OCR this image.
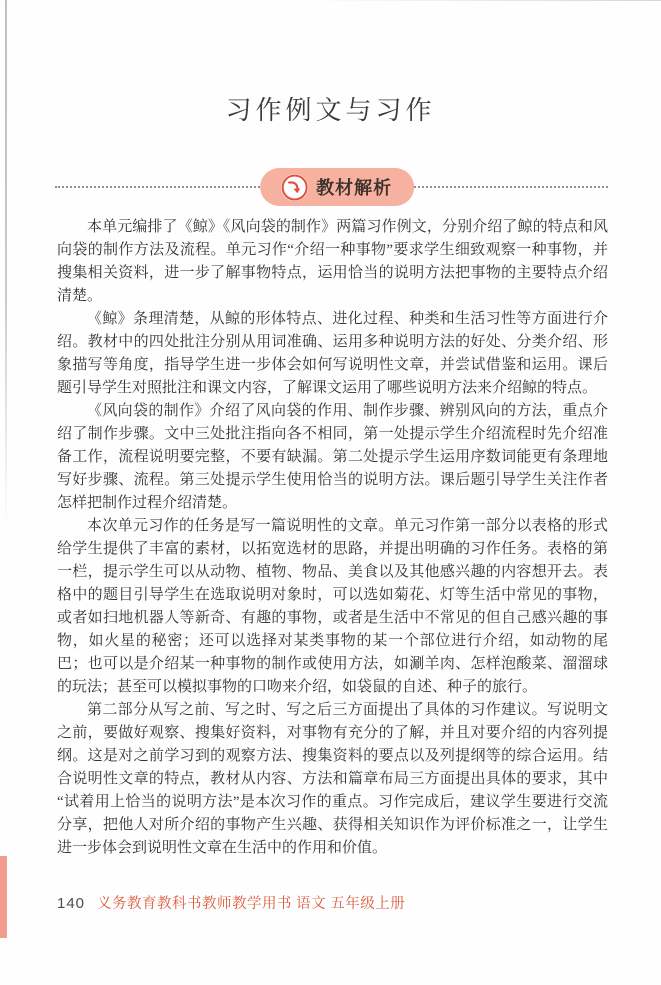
习作例文与习作
教材解析

本单元编排了《鲸》《风向袋的制作》两篇习作例文，分别介绍了鲸的特点和风向袋的制作方法及流程。单元习作“介绍一种事物”要求学生细致观察一种事物，并搜集相关资料，进一步了解事物特点，运用恰当的说明方法把事物的主要特点介绍清楚。

《鲸》条理清楚，从鲸的形体特点、进化过程、种类和生活习性等方面进行介绍。教材中的四处批注分别从用词准确、运用多种说明方法的好处、分类介绍、形象描写等角度，指导学生进一步体会如何写说明性文章，并尝试借鉴和运用。课后题引导学生对照批注和课文内容，了解课文运用了哪些说明方法来介绍鲸的特点。

《风向袋的制作》介绍了风向袋的作用、制作步骤、辨别风向的方法，重点介绍了制作步骤。文中三处批注指向各不相同，第一处提示学生介绍流程时先介绍准备工作，流程说明要完整，不要有缺漏。第二处提示学生运用序数词能更有条理地写好步骤、流程。第三处提示学生使用恰当的说明方法。课后题引导学生关注作者怎样把制作过程介绍清楚。

本次单元习作的任务是写一篇说明性的文章。单元习作第一部分以表格的形式给学生提供了丰富的素材，以拓宽选材的思路，并提出明确的习作任务。表格的第一栏，提示学生可以从动物、植物、物品、美食以及其他感兴趣的内容想开去。表格中的题目引导学生在选取说明对象时，可以选如菊花、灯等生活中常见的事物，或者如扫地机器人等新奇、有趣的事物，或者是生活中不常见的但自己感兴趣的事物，如火星的秘密；还可以选择对某类事物的某一个部位进行介绍，如动物的尾巴；也可以是介绍某一种事物的制作或使用方法，如涮羊肉、怎样泡酸菜、溜溜球的玩法；甚至可以模拟事物的口吻来介绍，如袋鼠的自述、种子的旅行。

第二部分从写之前、写之时、写之后三方面提出了具体的习作建议。写说明文之前，要做好观察、搜集好资料，对事物有充分的了解，并且对要介绍的内容列提纲。这是对之前学习到的观察方法、搜集资料的要点以及列提纲等的综合运用。结合说明性文章的特点，教材从内容、方法和篇章布局三方面提出具体的要求，其中“试着用上恰当的说明方法”是本次习作的重点。习作完成后，建议学生要进行交流分享，把他人对所介绍的事物产生兴趣、获得相关知识作为评价标准之一，让学生进一步体会到说明性文章在生活中的作用和价值。

140 义务教育教科书教师教学用书 语文 五年级上册
